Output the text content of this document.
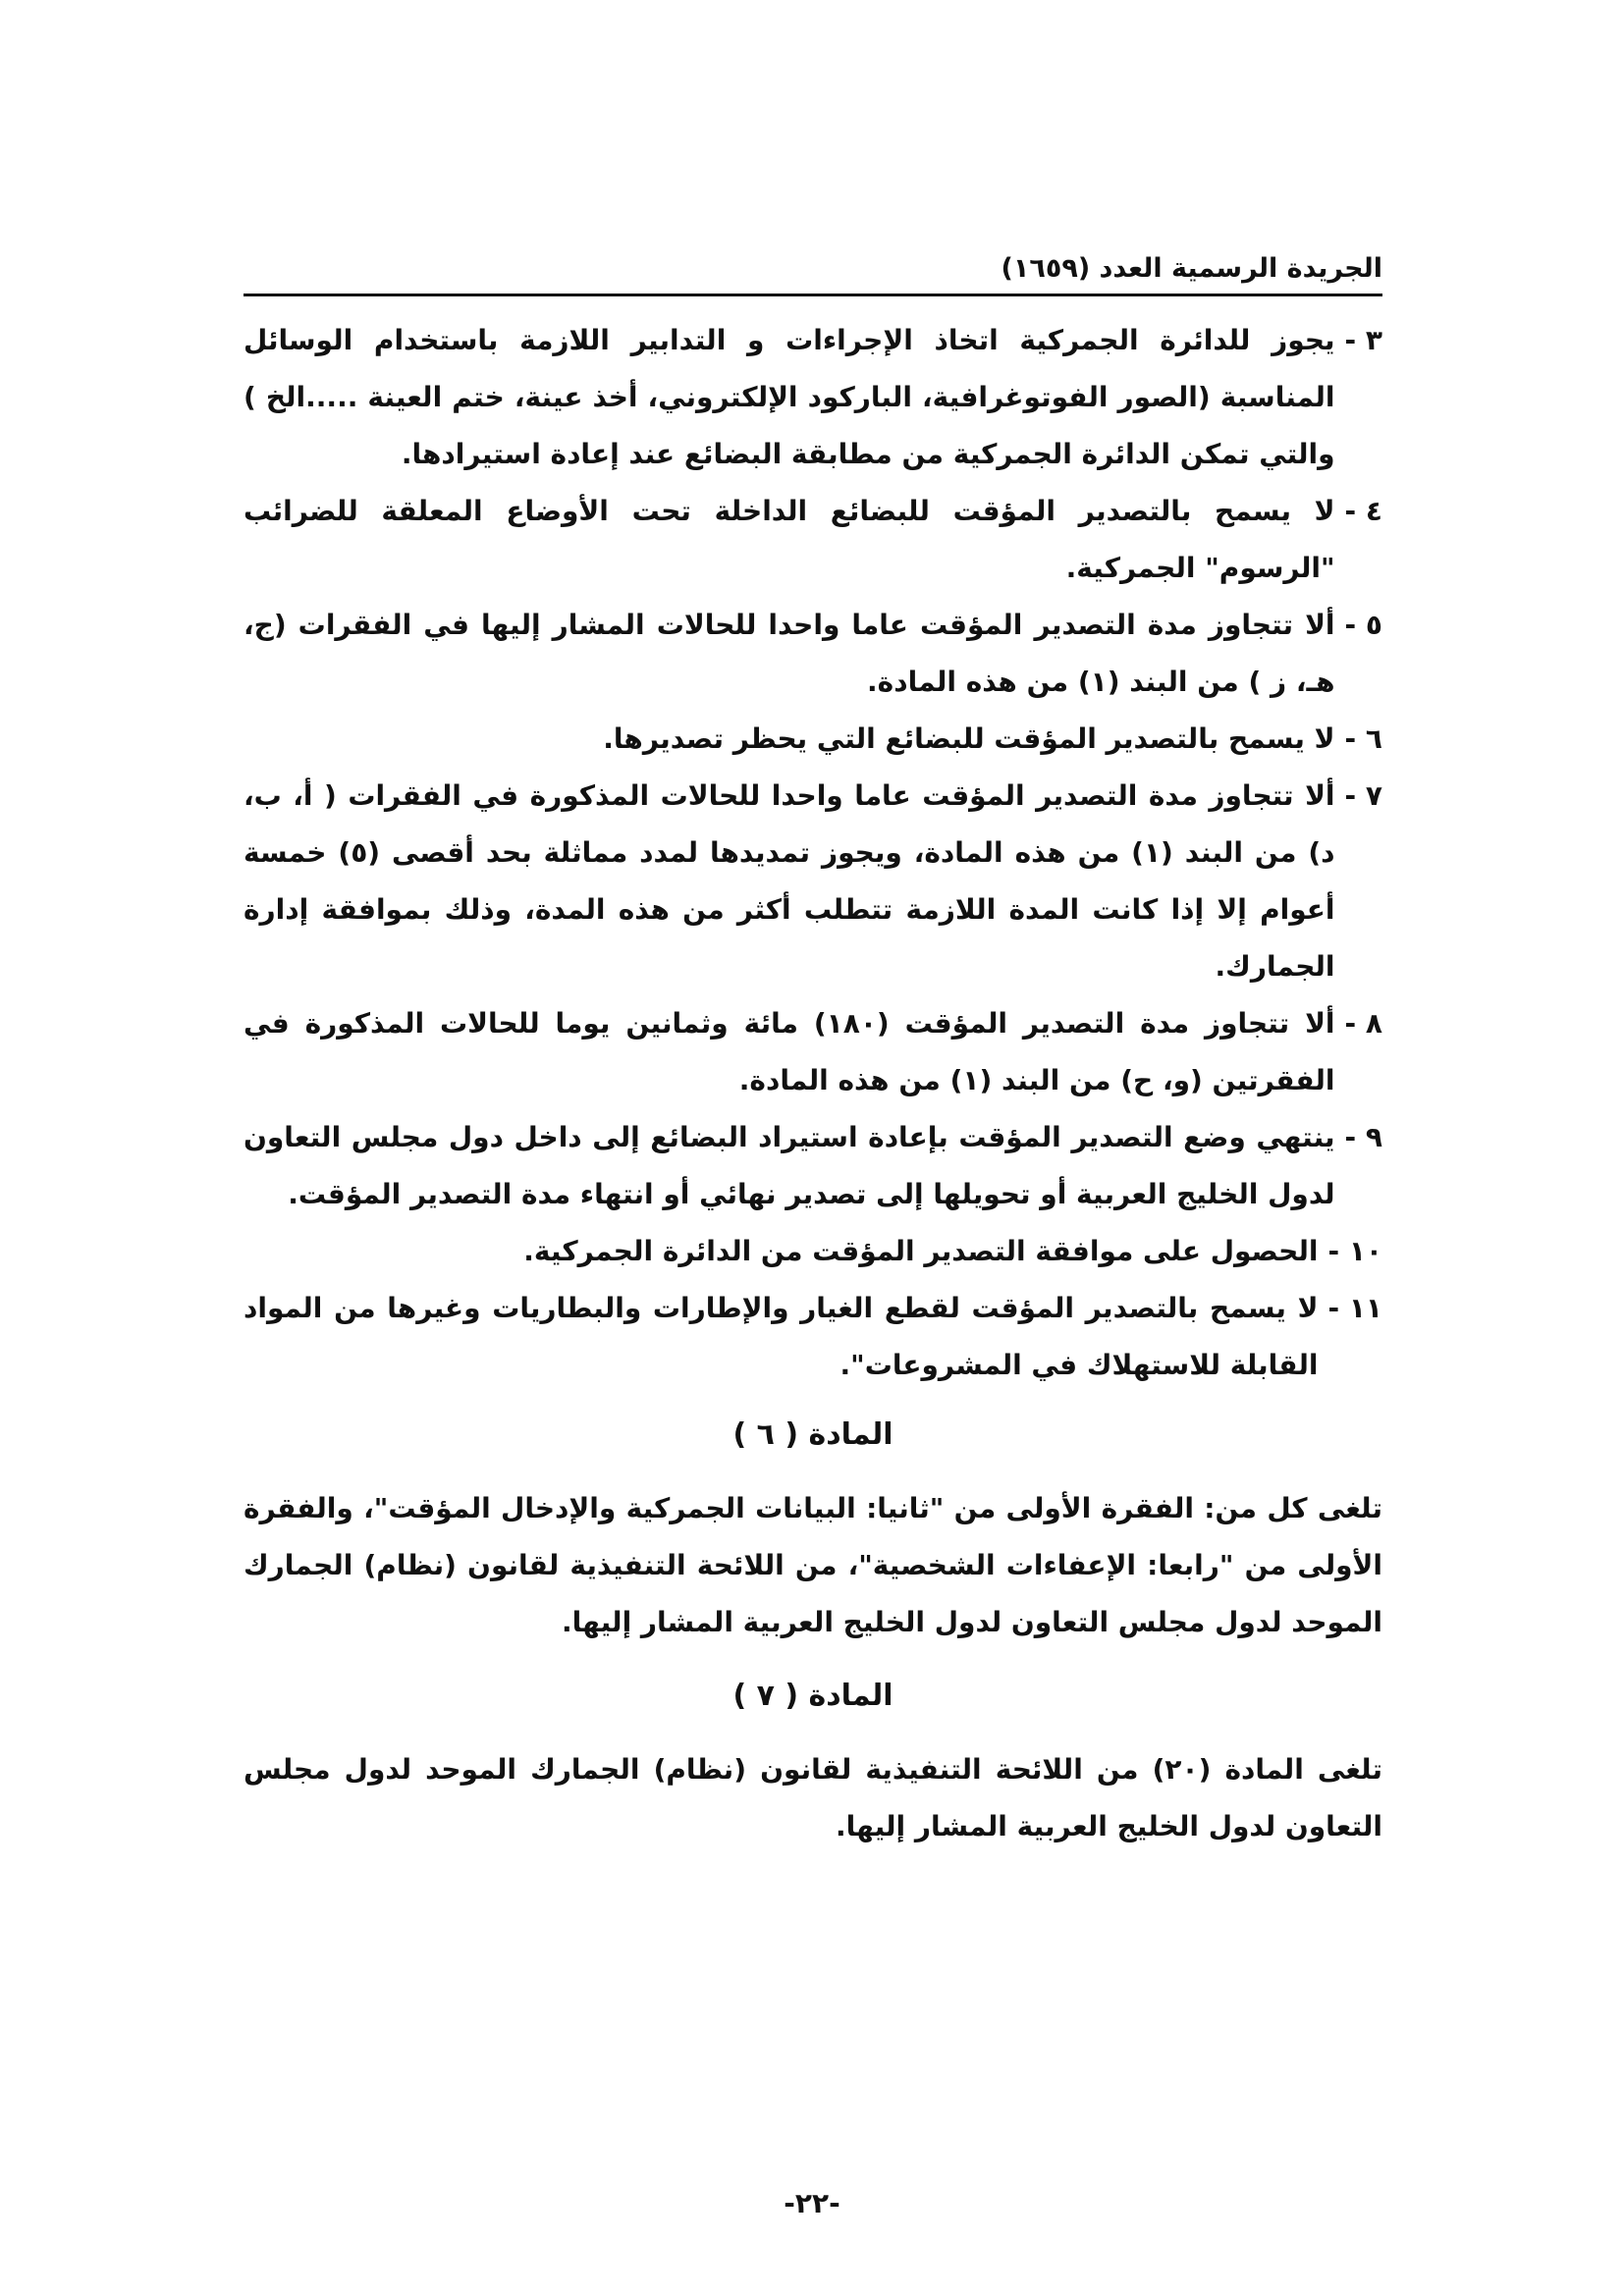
الجريدة الرسمية العدد (١٦٥٩)
٣ -
يجوز للدائرة الجمركية اتخاذ الإجراءات و التدابير اللازمة باستخدام الوسائل المناسبة (الصور الفوتوغرافية، الباركود الإلكتروني، أخذ عينة، ختم العينة .....الخ ) والتي تمكن الدائرة الجمركية من مطابقة البضائع عند إعادة استيرادها.
٤ -
لا يسمح بالتصدير المؤقت للبضائع الداخلة تحت الأوضاع المعلقة للضرائب "الرسوم" الجمركية.
٥ -
ألا تتجاوز مدة التصدير المؤقت عاما واحدا للحالات المشار إليها في الفقرات (ج، هـ، ز ) من البند (١) من هذه المادة.
٦ -
لا يسمح بالتصدير المؤقت للبضائع التي يحظر تصديرها.
٧ -
ألا تتجاوز مدة التصدير المؤقت عاما واحدا للحالات المذكورة في الفقرات ( أ، ب، د) من البند (١) من هذه المادة، ويجوز تمديدها لمدد مماثلة بحد أقصى (٥) خمسة أعوام إلا إذا كانت المدة اللازمة تتطلب أكثر من هذه المدة، وذلك بموافقة إدارة الجمارك.
٨ -
ألا تتجاوز مدة التصدير المؤقت (١٨٠) مائة وثمانين يوما للحالات المذكورة في الفقرتين (و، ح) من البند (١) من هذه المادة.
٩ -
ينتهي وضع التصدير المؤقت بإعادة استيراد البضائع إلى داخل دول مجلس التعاون لدول الخليج العربية أو تحويلها إلى تصدير نهائي أو انتهاء مدة التصدير المؤقت.
١٠ -
الحصول على موافقة التصدير المؤقت من الدائرة الجمركية.
١١ -
لا يسمح بالتصدير المؤقت لقطع الغيار والإطارات والبطاريات وغيرها من المواد القابلة للاستهلاك في المشروعات".
المادة ( ٦ )

تلغى كل من: الفقرة الأولى من "ثانيا: البيانات الجمركية والإدخال المؤقت"، والفقرة الأولى من "رابعا: الإعفاءات الشخصية"، من اللائحة التنفيذية لقانون (نظام) الجمارك الموحد لدول مجلس التعاون لدول الخليج العربية المشار إليها.

المادة ( ٧ )

تلغى المادة (٢٠) من اللائحة التنفيذية لقانون (نظام) الجمارك الموحد لدول مجلس التعاون لدول الخليج العربية المشار إليها.

-٢٢-
